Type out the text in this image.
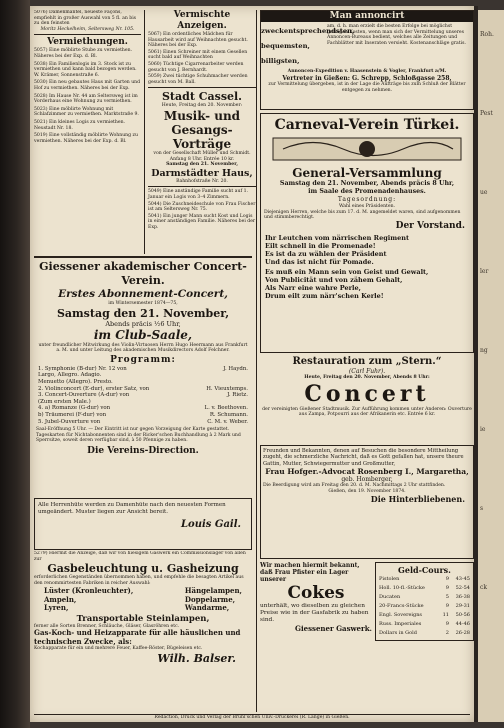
Roh.
Pest
ue
ler
ng
ie
s
ck

5076) Damenmäntel, neueste Façons, empfiehlt in großer Auswahl von 5 fl. an bis zu den feinsten

Moritz Heckelheim, Seltersweg Nr. 105.

Vermiethungen.

5057) Eine möblirte Stube zu vermiethen. Näheres bei der Exp. d. Bl.

5038) Ein Familienlogis im 3. Stock ist zu vermiethen und kann bald bezogen werden. W. Krämer, Sonnenstraße 6.

5030) Ein neu gebautes Haus mit Garten und Hof zu vermiethen. Näheres bei der Exp.

5028) Im Hause Nr. 44 am Seltersweg ist im Vorderhaus eine Wohnung zu vermiethen.

5023) Eine möblirte Wohnung mit Schlafzimmer zu vermiethen. Marktstraße 9.

5021) Ein kleines Logis zu vermiethen. Neustadt Nr. 18.

5019) Eine vollständig möblirte Wohnung zu vermiethen. Näheres bei der Exp. d. Bl.

Vermischte Anzeigen.

5067) Ein ordentliches Mädchen für Hausarbeit wird auf Weihnachten gesucht. Näheres bei der Exp.

5061) Einen Schreiner mit einem Gesellen sucht bald auf Weihnachten

5060) Tüchtige Cigarrenarbeiter werden gesucht von J. Bernhardt.

5059) Zwei tüchtige Schuhmacher werden gesucht von M. Ball.

Stadt Cassel.

Heute, Freitag den 20. November:

Musik- und Gesangs-Vorträge

von der Gesellschaft Müller und Schmidt. Anfang 8 Uhr. Entrée 10 kr.

Samstag den 21. November,

Darmstädter Haus,

Bahnhofstraße Nr. 20.

5049) Eine anständige Familie sucht auf 1. Januar ein Logis von 3–4 Zimmern.

5044) Die Zuschneideschule von Frau Fischer ist am Seltersweg Nr. 75.

5041) Ein junger Mann sucht Kost und Logis in einer anständigen Familie. Näheres bei der Exp.

Giessener akademischer Concert-Verein.

Erstes Abonnement-Concert,

im Wintersemester 1874—75,

Samstag den 21. November,

Abends präcis ½6 Uhr,

im Club-Saale,

unter freundlicher Mitwirkung des Violin-Virtuosen Herrn Hugo Heermann aus Frankfurt a. M. und unter Leitung des akademischen Musikdirectors Adolf Felchner.

Programm:

1. Symphonie (B-dur) Nr. 12 von	J. Haydn.
Largo, Allegro. Adagio.
Menuetto (Allegro). Presto.
2. Violinconcert (E-dur), erster Satz, von	H. Vieuxtemps.
3. Concert-Ouverture (A-dur) von	J. Rietz.
(Zum ersten Male.)
4. a) Romanze (G-dur) von	L. v. Beethoven.
b) Träumerei (F-dur) von	R. Schumann.
5. Jubel-Ouverture von	C. M. v. Weber.

Saal-Eröffnung 5 Uhr. — Der Eintritt ist nur gegen Vorzeigung der Karte gestattet.

Tageskarten für Nichtabonnenten sind in der Ricker'schen Buchhandlung à 2 Mark und Sperrsitze, soweit deren verfügbar sind, à 50 Pfennige zu haben.

Die Vereins-Direction.

Alle Herrenhüte werden zu Damenhüte nach den neuesten Formen umgeändert. Muster liegen zur Ansicht bereit.

Louis Gail.

5279) Hiermit die Anzeige, daß wir von hiesigem Gaswerk ein Commissionslager von allen zur

Gasbeleuchtung u. Gasheizung

erforderlichen Gegenständen übernommen haben, und empfehle die besagten Artikel aus den renommirtesten Fabriken in reicher Auswahl:

Lüster (Kronleuchter),
Ampeln,
Lyren,
Hängelampen,
Doppelarme,
Wandarme,

Transportable Steinlampen,

ferner alle Sorten Brenner, Schläuche, Gläser, Glasröhren etc.

Gas-Koch- und Heizapparate für alle häuslichen und technischen Zwecke, als:

Kochapparate für ein und mehrere Feuer, Kaffee-Röster, Bügeleisen etc.

Wilh. Balser.

Redaction, Druck und Verlag der Brühl'schen Univ.-Druckerei (R. Lange) in Gießen.

Man annoncirt
zweckentsprechendsten,
bequemsten,
billigsten,

am, d. h. man erzielt die besten Erfolge bei möglichst geringen Kosten, wenn man sich der Vermittelung unseres Annoncen-Bureaus bedient, welches alle Zeitungen und Fachblätter mit Inseraten versieht. Kostenanschläge gratis.

Annoncen-Expedition v. Haasenstein & Vogler, Frankfurt a/M.

Vertreter in Gießen: G. Schrepp, Schloßgasse 258,

zur Vermittelung übergeben, ist in der Lage die Aufträge bis zum Schluß der Blätter entgegen zu nehmen.

Carneval-Verein Türkei.

General-Versammlung

Samstag den 21. November, Abends präcis 8 Uhr,

im Saale des Promenadenhauses.

Tagesordnung:

Wahl eines Präsidenten.

Diejenigen Herren, welche bis zum 17. d. M. angemeldet waren, sind aufgenommen und stimmberechtigt.

Der Vorstand.

Ihr Leutchen vom närrischen Regiment
Eilt schnell in die Promenade!
Es ist da zu wählen der Präsident
Und das ist nicht für Pomade.
Es muß ein Mann sein von Geist und Gewalt,
Von Publicität und von zähem Gehalt,
Als Narr eine wahre Perle,
Drum eilt zum närr'schen Kerle!

Restauration zum „Stern.“

(Carl Fuhr).

Heute, Freitag den 20. November, Abends 8 Uhr:

Concert

der vereinigten Gießener Stadtmusik. Zur Aufführung kommen unter Anderen: Ouverture aus Zampa, Potpourri aus der Afrikanerin etc. Entrée 6 kr.

Freunden und Bekannten, denen auf Besuchen die besondere Mittheilung zugeht, die schmerzliche Nachricht, daß es Gott gefallen hat, unsere theure Gattin, Mutter, Schwiegermutter und Großmutter,

Frau Hofger.-Advocat Rosenberg I., Margaretha,

geb. Homberger,

Die Beerdigung wird am Freitag den 20. d. M. Nachmittags 2 Uhr stattfinden.

Gießen, den 19. November 1874.

Die Hinterbliebenen.

Wir machen hiermit bekannt, daß Frau Pfister ein Lager unserer

Cokes

unterhält, wo dieselben zu gleichen Preise wie in der Gasfabrik zu haben sind.

Giessener Gaswerk.

Geld-Cours.

Pistolen	9	43-45
Holl. 10-fl.-Stücke	9	52-54
Ducaten	5	36-38
20-Francs-Stücke	9	29-31
Engl. Sovereigns	11	50-56
Russ. Imperiales	9	44-46
Dollars in Gold	2	26-28
